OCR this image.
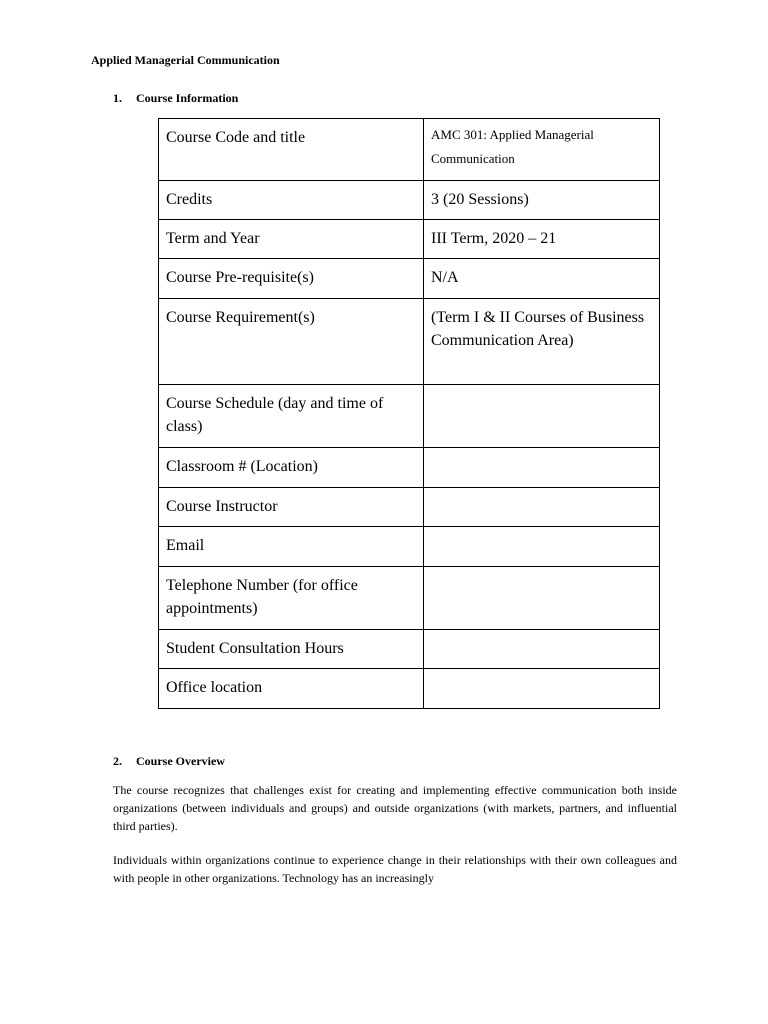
Applied Managerial Communication

1.	Course Information
Course Code and title	AMC 301: Applied Managerial Communication
Credits	3 (20 Sessions)
Term and Year	III Term, 2020 – 21
Course Pre-requisite(s)	N/A
Course Requirement(s)	(Term I & II Courses of Business Communication Area)
Course Schedule (day and time of class)	
Classroom # (Location)	
Course Instructor	
Email	
Telephone Number (for office appointments)	
Student Consultation Hours	
Office location	
2.	Course Overview

The course recognizes that challenges exist for creating and implementing effective communication both inside organizations (between individuals and groups) and outside organizations (with markets, partners, and influential third parties).

Individuals within organizations continue to experience change in their relationships with their own colleagues and with people in other organizations. Technology has an increasingly
